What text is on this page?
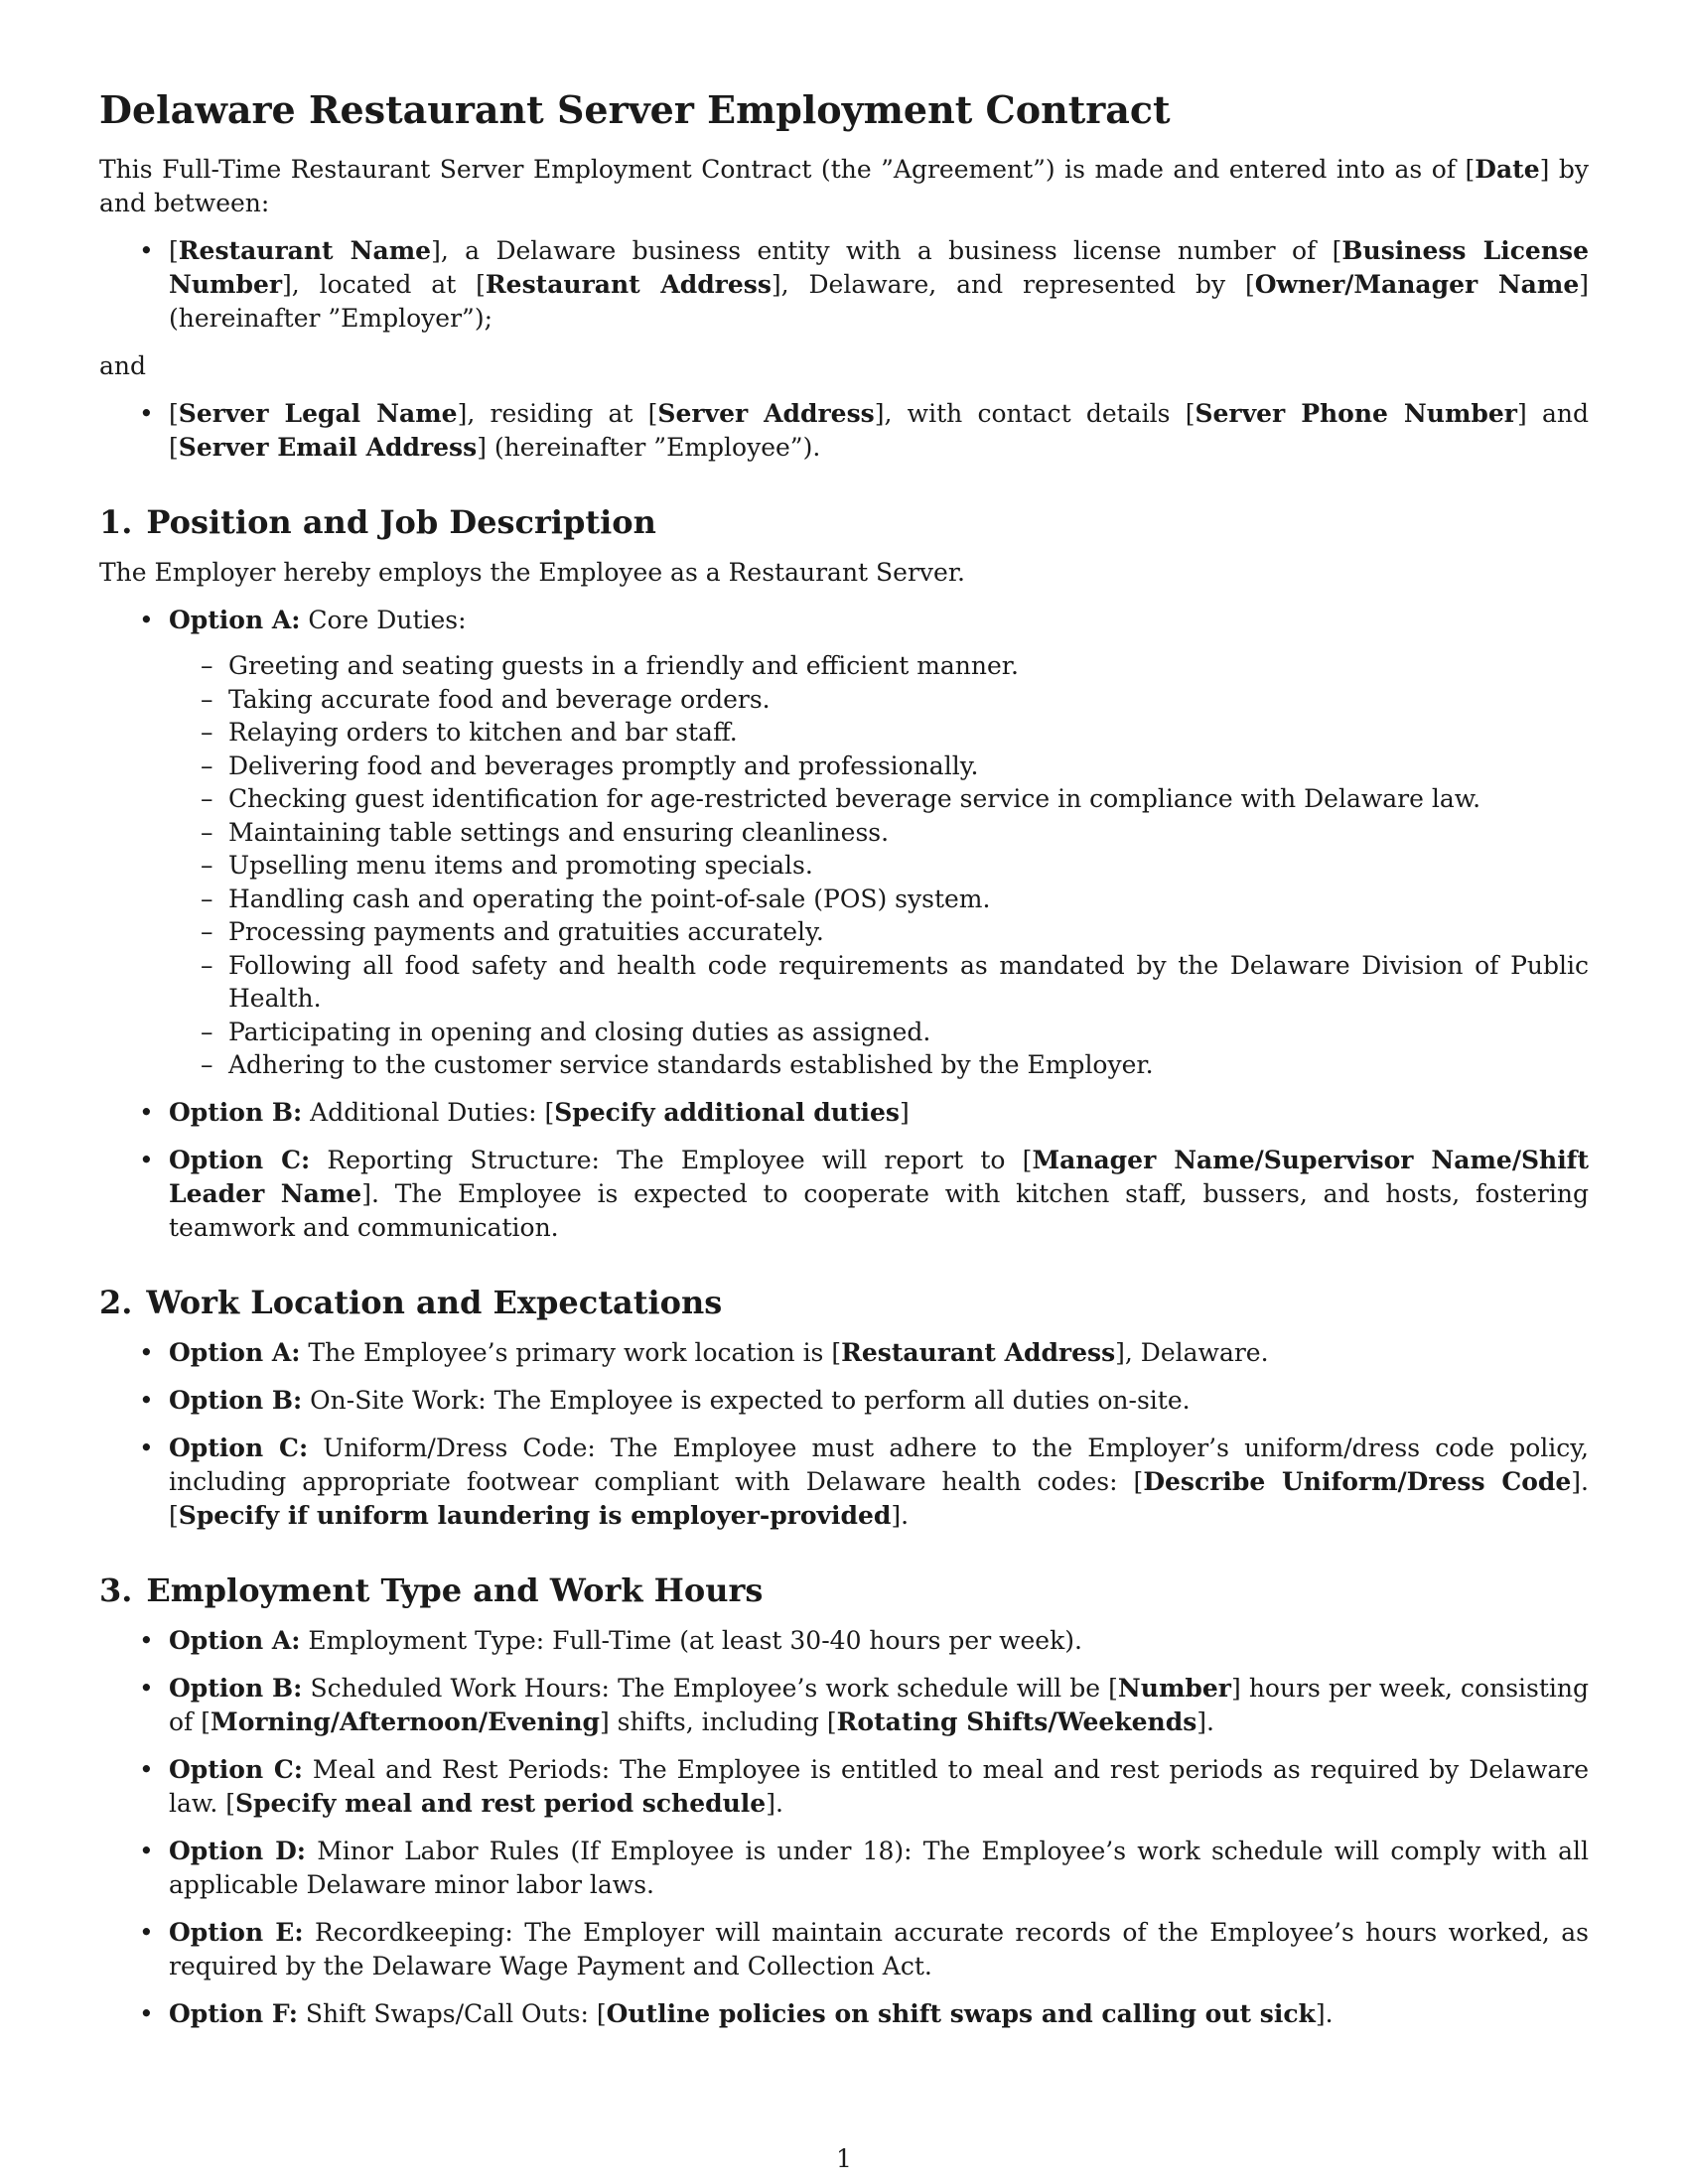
Delaware Restaurant Server Employment Contract

This Full-Time Restaurant Server Employment Contract (the ”Agreement”) is made and entered into as of [Date] by and between:

• [Restaurant Name], a Delaware business entity with a business license number of [Business License Number], located at [Restaurant Address], Delaware, and represented by [Owner/Manager Name] (hereinafter ”Employer”);

and

• [Server Legal Name], residing at [Server Address], with contact details [Server Phone Number] and [Server Email Address] (hereinafter ”Employee”).
1. Position and Job Description

The Employer hereby employs the Employee as a Restaurant Server.

• Option A: Core Duties:
– Greeting and seating guests in a friendly and efficient manner.
– Taking accurate food and beverage orders.
– Relaying orders to kitchen and bar staff.
– Delivering food and beverages promptly and professionally.
– Checking guest identification for age-restricted beverage service in compliance with Delaware law.
– Maintaining table settings and ensuring cleanliness.
– Upselling menu items and promoting specials.
– Handling cash and operating the point-of-sale (POS) system.
– Processing payments and gratuities accurately.
– Following all food safety and health code requirements as mandated by the Delaware Division of Public Health.
– Participating in opening and closing duties as assigned.
– Adhering to the customer service standards established by the Employer.
• Option B: Additional Duties: [Specify additional duties]
• Option C: Reporting Structure: The Employee will report to [Manager Name/Supervisor Name/Shift Leader Name]. The Employee is expected to cooperate with kitchen staff, bussers, and hosts, fostering teamwork and communication.
2. Work Location and Expectations
• Option A: The Employee’s primary work location is [Restaurant Address], Delaware.
• Option B: On-Site Work: The Employee is expected to perform all duties on-site.
• Option C: Uniform/Dress Code: The Employee must adhere to the Employer’s uniform/dress code policy, including appropriate footwear compliant with Delaware health codes: [Describe Uniform/Dress Code]. [Specify if uniform laundering is employer-provided].
3. Employment Type and Work Hours
• Option A: Employment Type: Full-Time (at least 30-40 hours per week).
• Option B: Scheduled Work Hours: The Employee’s work schedule will be [Number] hours per week, consisting of [Morning/Afternoon/Evening] shifts, including [Rotating Shifts/Weekends].
• Option C: Meal and Rest Periods: The Employee is entitled to meal and rest periods as required by Delaware law. [Specify meal and rest period schedule].
• Option D: Minor Labor Rules (If Employee is under 18): The Employee’s work schedule will comply with all applicable Delaware minor labor laws.
• Option E: Recordkeeping: The Employer will maintain accurate records of the Employee’s hours worked, as required by the Delaware Wage Payment and Collection Act.
• Option F: Shift Swaps/Call Outs: [Outline policies on shift swaps and calling out sick].
1
